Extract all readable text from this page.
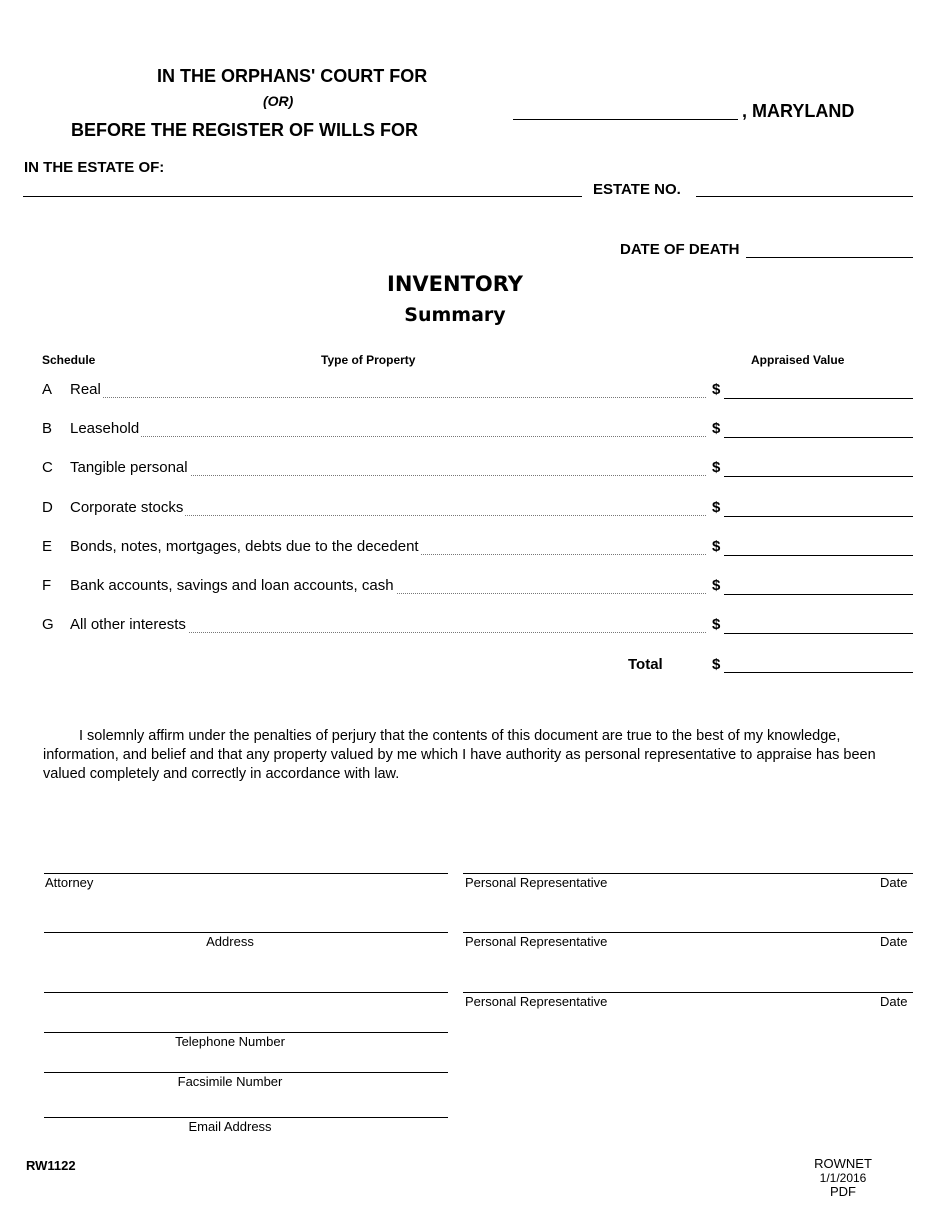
IN THE ORPHANS' COURT FOR
(OR)
BEFORE THE REGISTER OF WILLS FOR
, MARYLAND
IN THE ESTATE OF:
ESTATE NO.
DATE OF DEATH
INVENTORY
Summary
Schedule	Type of Property	Appraised Value
A Real	$
B Leasehold	$
C Tangible personal	$
D Corporate stocks	$
E Bonds, notes, mortgages, debts due to the decedent	$
F Bank accounts, savings and loan accounts, cash	$
G All other interests	$
Total	$
I solemnly affirm under the penalties of perjury that the contents of this document are true to the best of my knowledge, information, and belief and that any property valued by me which I have authority as personal representative to appraise has been valued completely and correctly in accordance with law.
Attorney
Address
Telephone Number
Facsimile Number
Email Address
Personal Representative	Date
Personal Representative	Date
Personal Representative	Date
RW1122	ROWNET
1/1/2016
PDF
